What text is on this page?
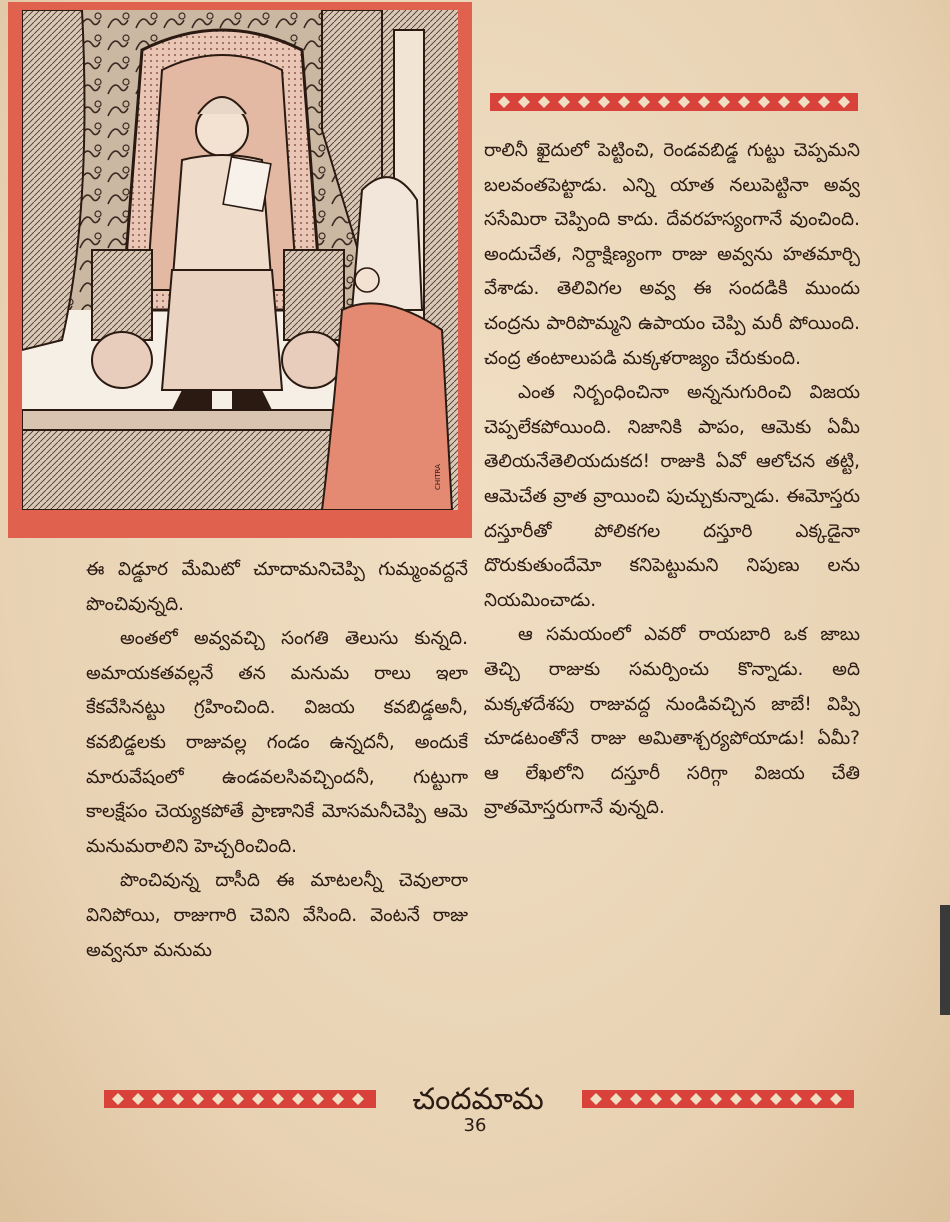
CHITRA

రాలినీ ఖైదులో పెట్టించి, రెండవబిడ్డ గుట్టు చెప్పమని బలవంతపెట్టాడు. ఎన్ని యాత నలుపెట్టినా అవ్వ ససేమిరా చెప్పింది కాదు. దేవరహస్యంగానే వుంచింది. అందుచేత, నిర్దాక్షిణ్యంగా రాజు అవ్వను హతమార్చి వేశాడు. తెలివిగల అవ్వ ఈ సందడికి ముందు చంద్రను పారిపొమ్మని ఉపాయం చెప్పి మరీ పోయింది. చంద్ర తంటాలుపడి మక్కళరాజ్యం చేరుకుంది.

ఎంత నిర్బంధించినా అన్ననుగురించి విజయ చెప్పలేకపోయింది. నిజానికి పాపం, ఆమెకు ఏమీ తెలియనేతెలియదుకద! రాజుకి ఏవో ఆలోచన తట్టి, ఆమెచేత వ్రాత వ్రాయించి పుచ్చుకున్నాడు. ఈమోస్తరు దస్తూరీతో పోలికగల దస్తూరి ఎక్కడైనా దొరుకుతుందేమో కనిపెట్టుమని నిపుణు లను నియమించాడు.

ఆ సమయంలో ఎవరో రాయబారి ఒక జాబు తెచ్చి రాజుకు సమర్పించు కొన్నాడు. అది మక్కళదేశపు రాజువద్ద నుండివచ్చిన జాబే! విప్పి చూడటంతోనే రాజు అమితాశ్చర్యపోయాడు! ఏమీ? ఆ లేఖలోని దస్తూరీ సరిగ్గా విజయ చేతి వ్రాతమోస్తరుగానే వున్నది.

ఈ విడ్డూర మేమిటో చూదామనిచెప్పి గుమ్మంవద్దనే పొంచివున్నది.

అంతలో అవ్వవచ్చి సంగతి తెలుసు కున్నది. అమాయకతవల్లనే తన మనుమ రాలు ఇలా కేకవేసినట్టు గ్రహించింది. విజయ కవబిడ్డఅనీ, కవబిడ్డలకు రాజువల్ల గండం ఉన్నదనీ, అందుకే మారువేషంలో ఉండవలసివచ్చిందనీ, గుట్టుగా కాలక్షేపం చెయ్యకపోతే ప్రాణానికే మోసమనీచెప్పి ఆమె మనుమరాలిని హెచ్చరించింది.

పొంచివున్న దాసీది ఈ మాటలన్నీ చెవులారా వినిపోయి, రాజుగారి చెవిని వేసింది. వెంటనే రాజు అవ్వనూ మనుమ

చందమామ
36
